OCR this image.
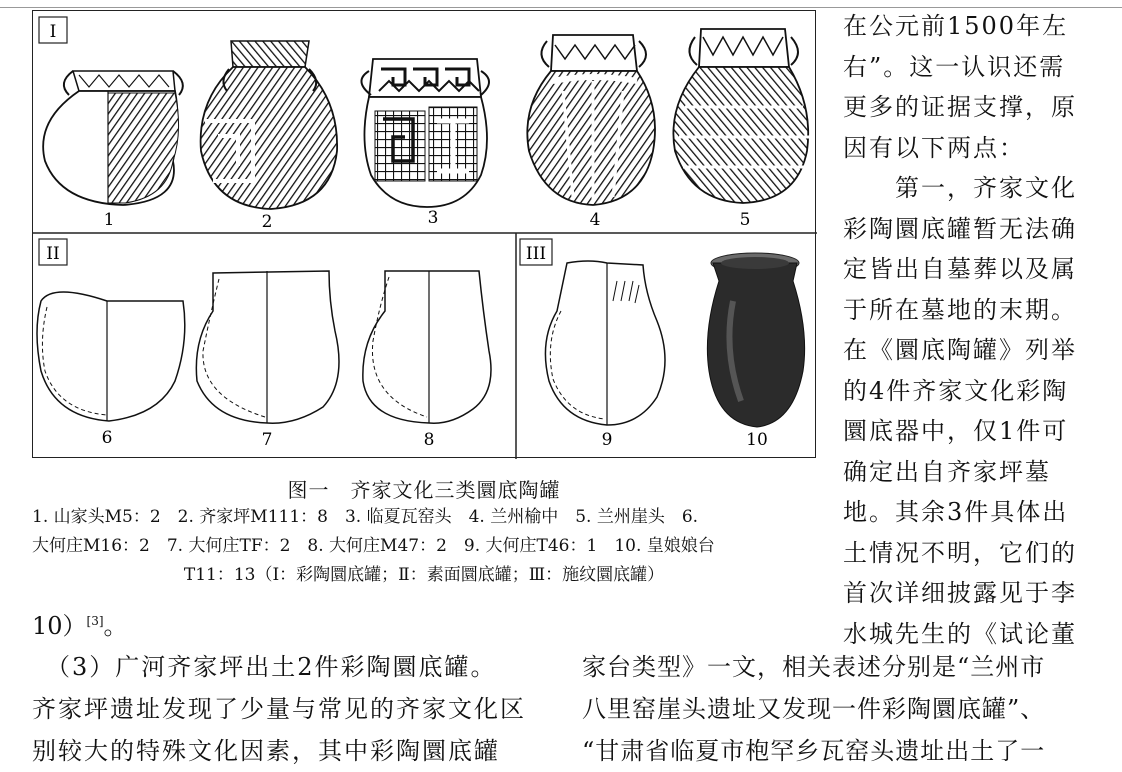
I
II	III
1	2	3	4	5
6	7	8	9	10
图一　齐家文化三类圜底陶罐
1. 山家头M5：2　2. 齐家坪M111：8　3. 临夏瓦窑头　4. 兰州榆中　5. 兰州崖头　6.
大何庄M16：2　7. 大何庄TF：2　8. 大何庄M47：2　9. 大何庄T46：1　10. 皇娘娘台
T11：13（Ⅰ：彩陶圜底罐；Ⅱ：素面圜底罐；Ⅲ：施纹圜底罐）
在公元前1500年左
右”。这一认识还需
更多的证据支撑，原
因有以下两点：
　　第一，齐家文化
彩陶圜底罐暂无法确
定皆出自墓葬以及属
于所在墓地的末期。
在《圜底陶罐》列举
的4件齐家文化彩陶
圜底器中，仅1件可
确定出自齐家坪墓
地。其余3件具体出
土情况不明，它们的
首次详细披露见于李
水城先生的《试论董
10）[3]。
　（3）广河齐家坪出土2件彩陶圜底罐。
齐家坪遗址发现了少量与常见的齐家文化区
别较大的特殊文化因素，其中彩陶圜底罐
家台类型》一文，相关表述分别是“兰州市
八里窑崖头遗址又发现一件彩陶圜底罐”、
“甘肃省临夏市枹罕乡瓦窑头遗址出土了一
